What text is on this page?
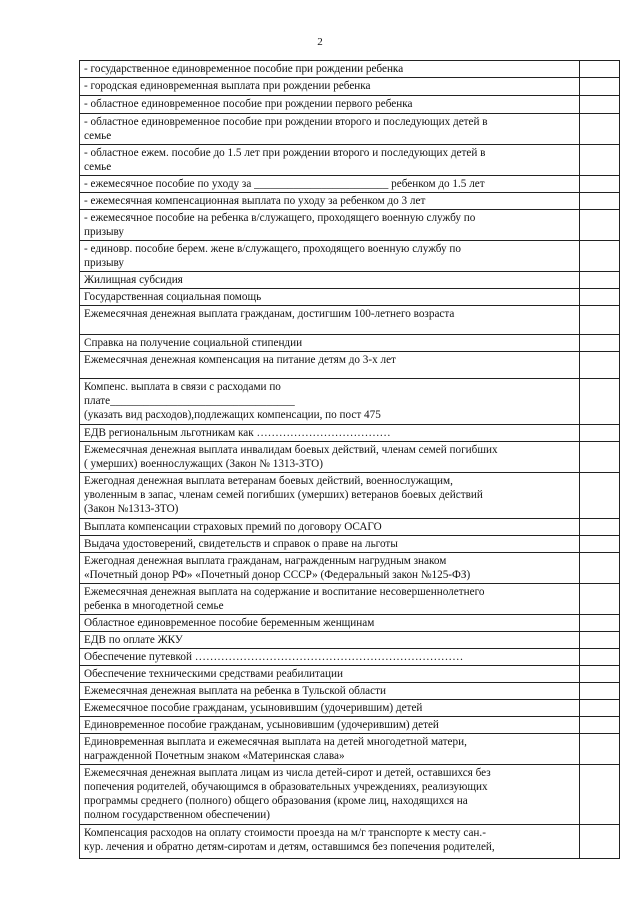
2
- государственное единовременное пособие при рождении ребенка	
- городская единовременная выплата при рождении ребенка	
- областное единовременное пособие при рождении первого ребенка	
- областное единовременное пособие при рождении второго и последующих детей в
семье	
- областное ежем. пособие до 1.5 лет при рождении второго и последующих детей в
семье	
- ежемесячное пособие по уходу за ________________________ ребенком до 1.5 лет	
- ежемесячная компенсационная выплата по уходу за ребенком до 3 лет	
- ежемесячное пособие на ребенка в/служащего, проходящего военную службу по
призыву	
- единовр. пособие берем. жене в/служащего, проходящего военную службу по
призыву	
Жилищная субсидия	
Государственная социальная помощь	
Ежемесячная денежная выплата гражданам, достигшим 100-летнего возраста	
Справка на получение социальной стипендии	
Ежемесячная денежная компенсация на питание детям до 3-х лет	
Компенс. выплата в связи с расходами по
плате_________________________________
(указать вид расходов),подлежащих компенсации, по пост 475	
ЕДВ региональным льготникам как ………………………………	
Ежемесячная денежная выплата инвалидам боевых действий, членам семей погибших
( умерших) военнослужащих (Закон № 1313-ЗТО)	
Ежегодная денежная выплата ветеранам боевых действий, военнослужащим,
уволенным в запас, членам семей погибших (умерших) ветеранов боевых действий
(Закон №1313-ЗТО)	
Выплата компенсации страховых премий по договору ОСАГО	
Выдача удостоверений, свидетельств и справок о праве на льготы	
Ежегодная денежная выплата гражданам, награжденным нагрудным знаком
«Почетный донор РФ» «Почетный донор СССР» (Федеральный закон №125-ФЗ)	
Ежемесячная денежная выплата на содержание и воспитание несовершеннолетнего
ребенка в многодетной семье	
Областное единовременное пособие беременным женщинам	
ЕДВ по оплате ЖКУ	
Обеспечение путевкой ………………………………………………………………	
Обеспечение техническими средствами реабилитации	
Ежемесячная денежная выплата на ребенка в Тульской области	
Ежемесячное пособие гражданам, усыновившим (удочерившим) детей	
Единовременное пособие гражданам, усыновившим (удочерившим) детей	
Единовременная выплата и ежемесячная выплата на детей многодетной матери,
награжденной Почетным знаком «Материнская слава»	
Ежемесячная денежная выплата лицам из числа детей-сирот и детей, оставшихся без
попечения родителей, обучающимся в образовательных учреждениях, реализующих
программы среднего (полного) общего образования (кроме лиц, находящихся на
полном государственном обеспечении)	
Компенсация расходов на оплату стоимости проезда на м/г транспорте к месту сан.-
кур. лечения и обратно детям-сиротам и детям, оставшимся без попечения родителей,	
